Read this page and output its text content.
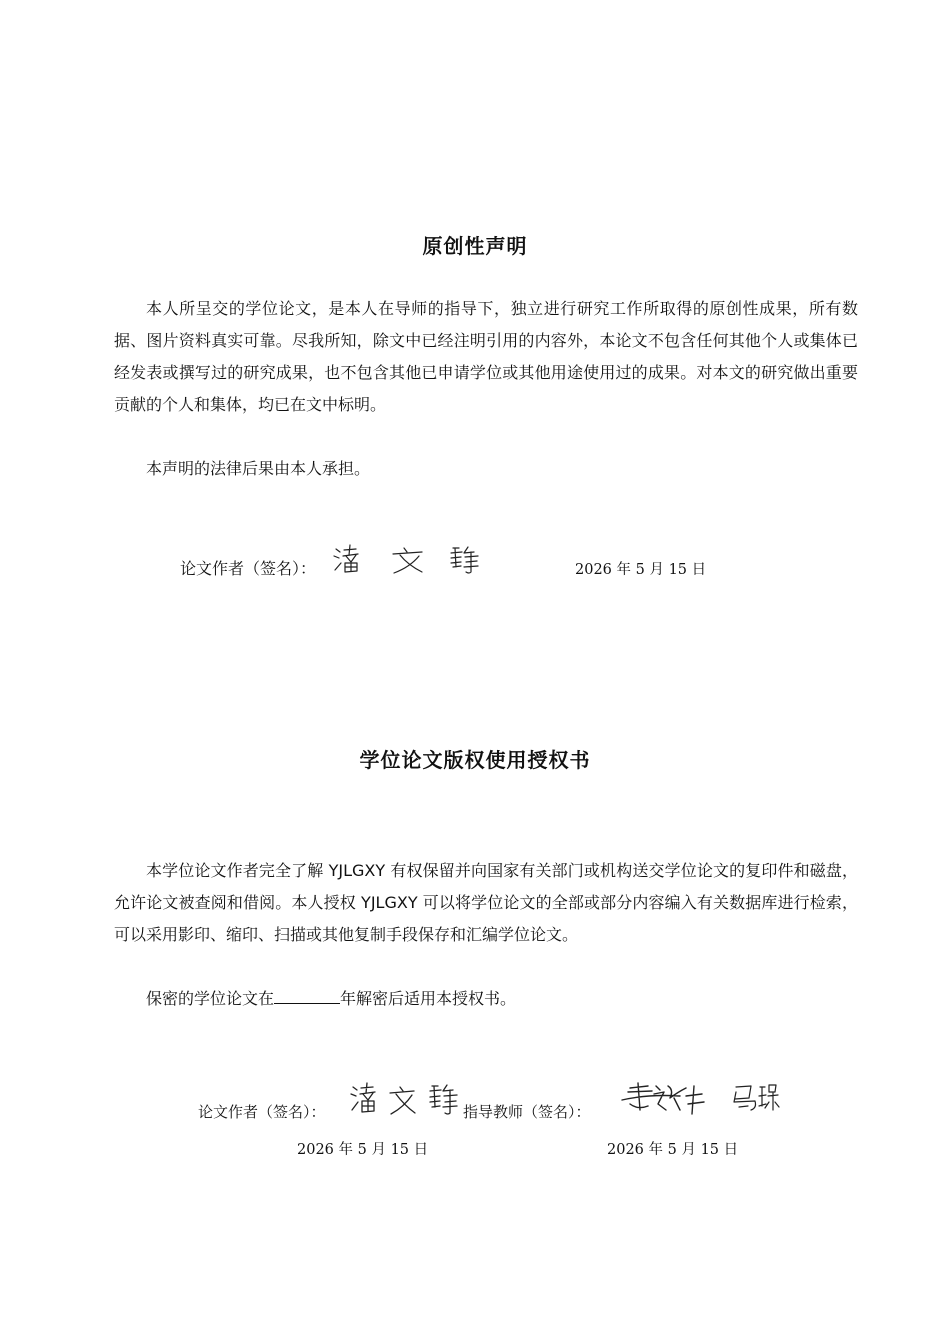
原创性声明

本人所呈交的学位论文，是本人在导师的指导下，独立进行研究工作所取得的原创性成果，所有数据、图片资料真实可靠。尽我所知，除文中已经注明引用的内容外，本论文不包含任何其他个人或集体已经发表或撰写过的研究成果，也不包含其他已申请学位或其他用途使用过的成果。对本文的研究做出重要贡献的个人和集体，均已在文中标明。

本声明的法律后果由本人承担。

论文作者（签名）：	2026 年 5 月 15 日
学位论文版权使用授权书

本学位论文作者完全了解 YJLGXY 有权保留并向国家有关部门或机构送交学位论文的复印件和磁盘，允许论文被查阅和借阅。本人授权 YJLGXY 可以将学位论文的全部或部分内容编入有关数据库进行检索，可以采用影印、缩印、扫描或其他复制手段保存和汇编学位论文。

保密的学位论文在	年解密后适用本授权书。

论文作者（签名）：	指导教师（签名）：
2026 年 5 月 15 日	2026 年 5 月 15 日
